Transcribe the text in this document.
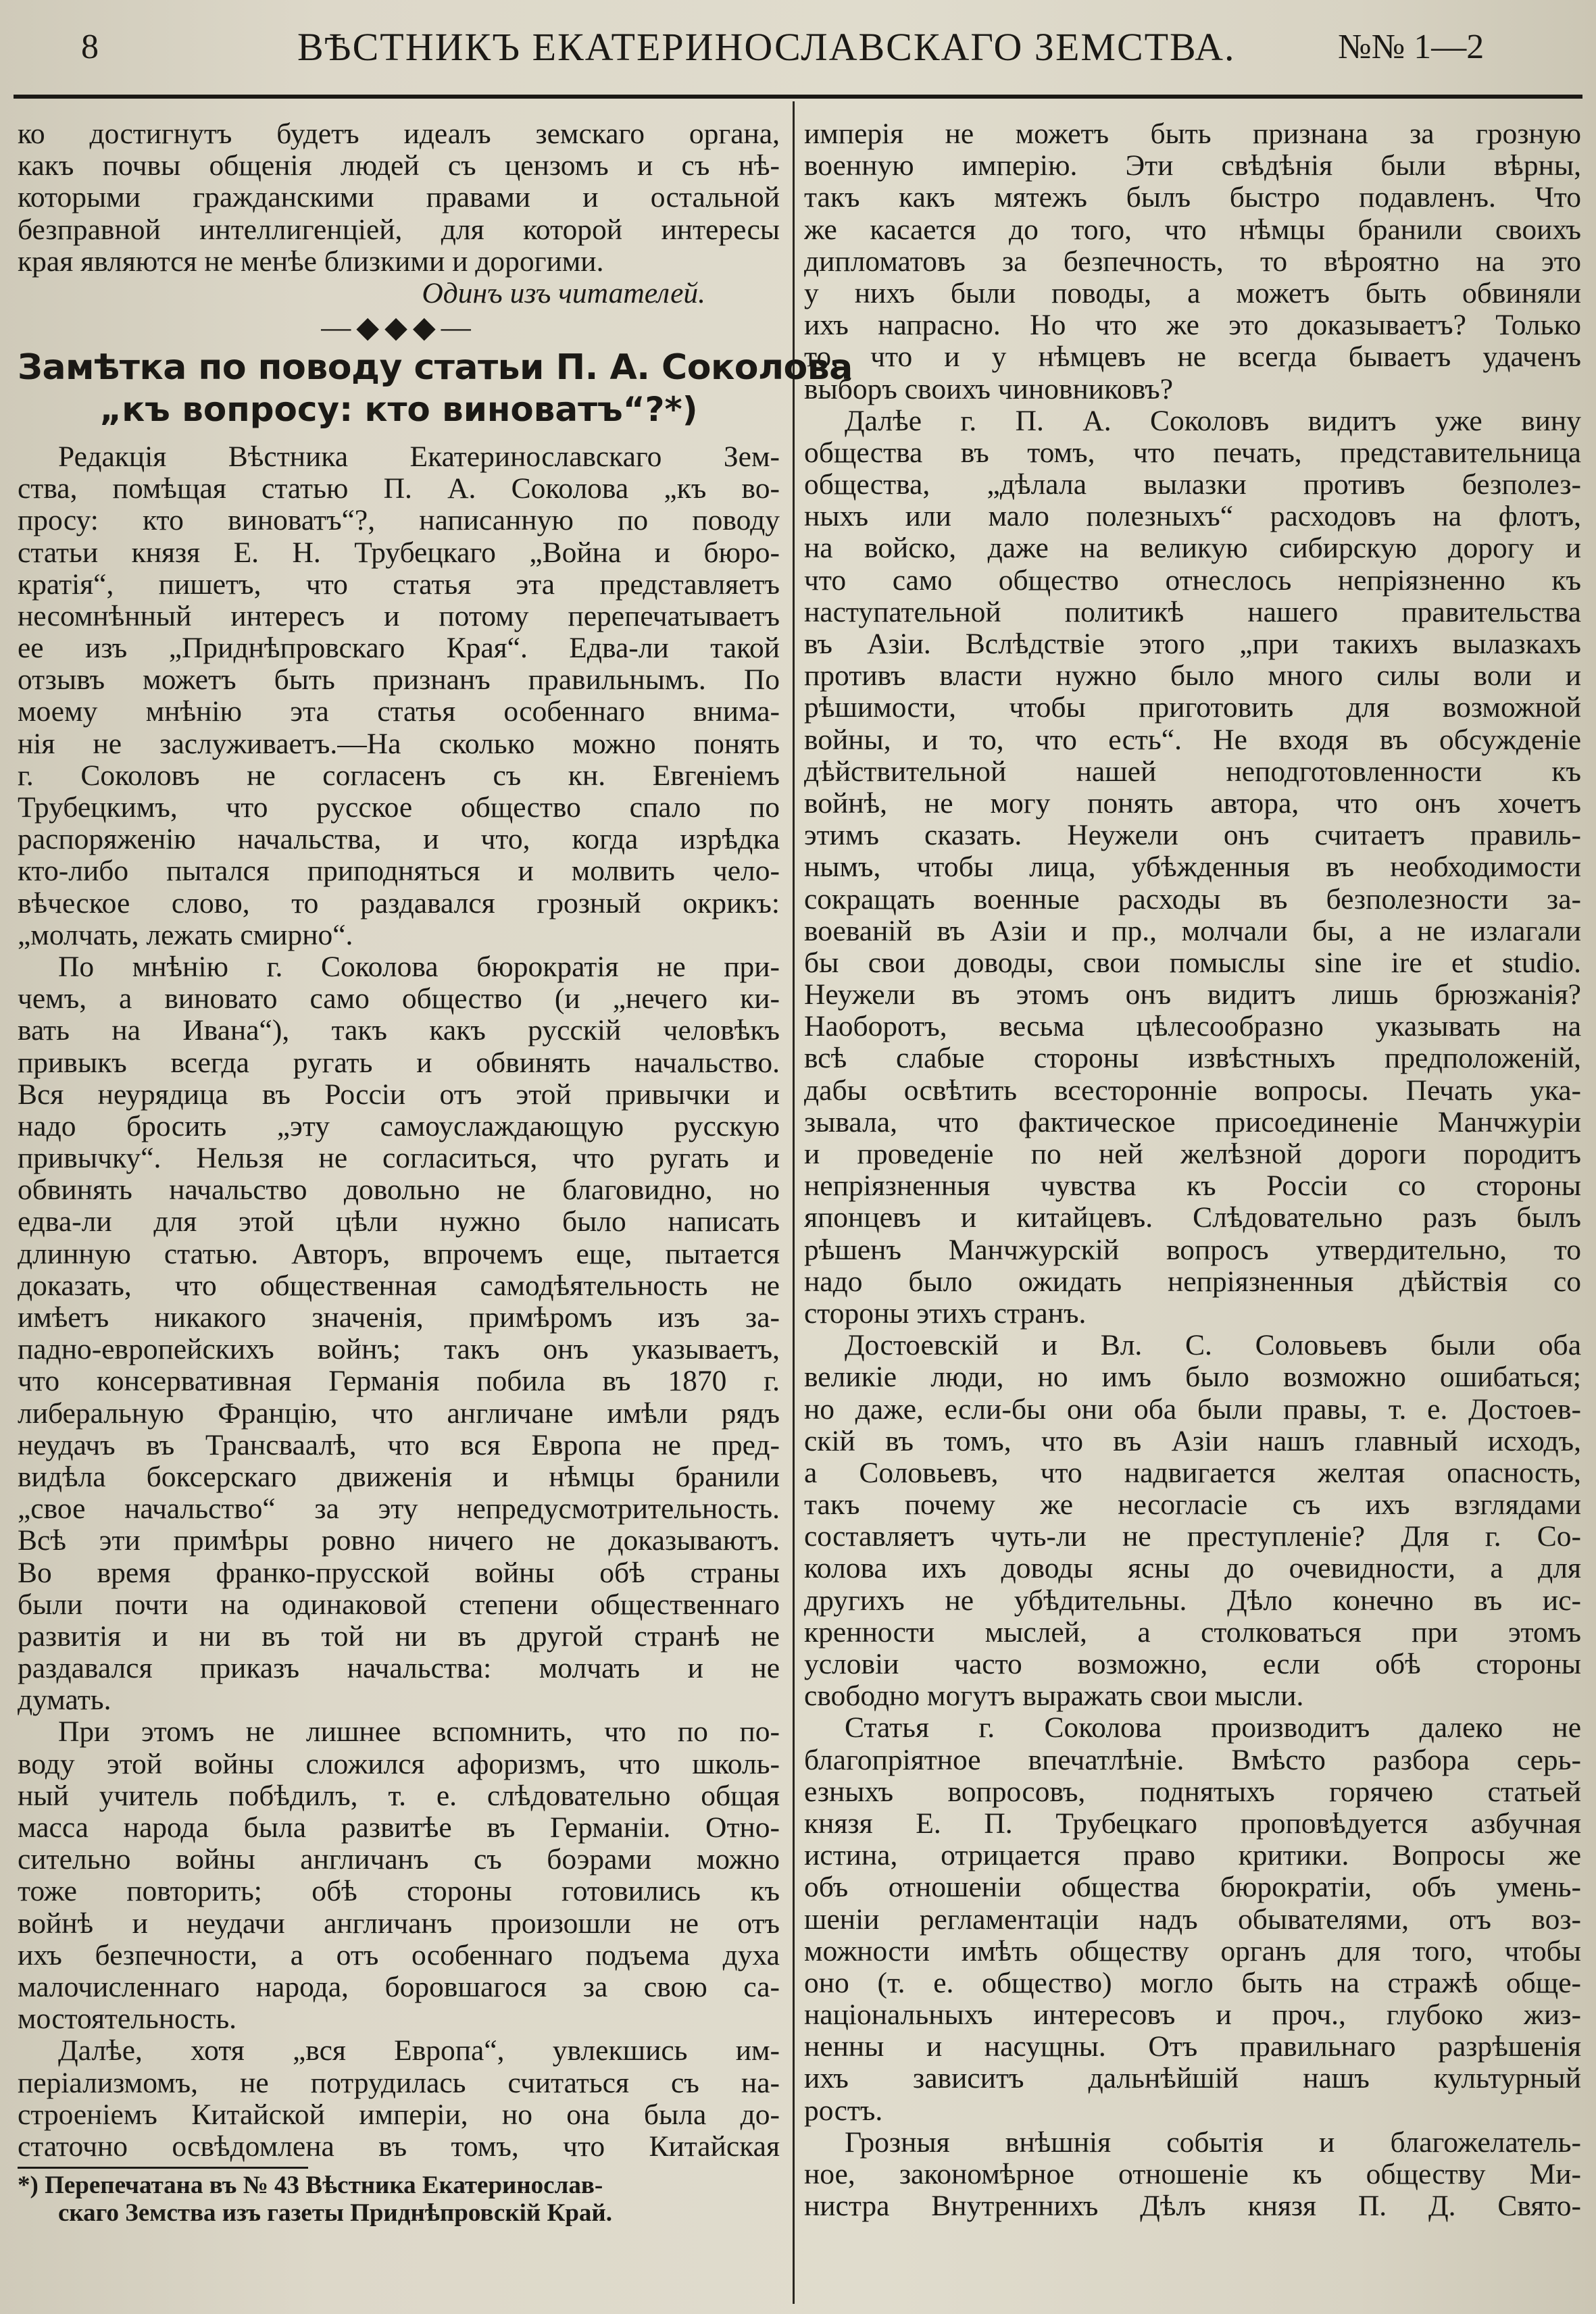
8	ВѢСТНИКЪ ЕКАТЕРИНОСЛАВСКАГО ЗЕМСТВА.	№№ 1—2
ко достигнутъ будетъ идеалъ земскаго органа,
какъ почвы общенія людей съ цензомъ и съ нѣ-
которыми гражданскими правами и остальной
безправной интеллигенціей, для которой интересы
края являются не менѣе близкими и дорогими.
Одинъ изъ читателей.
—◆◆◆—
Замѣтка по поводу статьи П. А. Соколова
„къ вопросу: кто виноватъ“?*)
Редакція Вѣстника Екатеринославскаго Зем-
ства, помѣщая статью П. А. Соколова „къ во-
просу: кто виноватъ“?, написанную по поводу
статьи князя Е. Н. Трубецкаго „Война и бюро-
кратія“, пишетъ, что статья эта представляетъ
несомнѣнный интересъ и потому перепечатываетъ
ее изъ „Приднѣпровскаго Края“. Едва-ли такой
отзывъ можетъ быть признанъ правильнымъ. По
моему мнѣнію эта статья особеннаго внима-
нія не заслуживаетъ.—На сколько можно понять
г. Соколовъ не согласенъ съ кн. Евгеніемъ
Трубецкимъ, что русское общество спало по
распоряженію начальства, и что, когда изрѣдка
кто-либо пытался приподняться и молвить чело-
вѣческое слово, то раздавался грозный окрикъ:
„молчать, лежать смирно“.
По мнѣнію г. Соколова бюрократія не при-
чемъ, а виновато само общество (и „нечего ки-
вать на Ивана“), такъ какъ русскій человѣкъ
привыкъ всегда ругать и обвинять начальство.
Вся неурядица въ Россіи отъ этой привычки и
надо бросить „эту самоуслаждающую русскую
привычку“. Нельзя не согласиться, что ругать и
обвинять начальство довольно не благовидно, но
едва-ли для этой цѣли нужно было написать
длинную статью. Авторъ, впрочемъ еще, пытается
доказать, что общественная самодѣятельность не
имѣетъ никакого значенія, примѣромъ изъ за-
падно-европейскихъ войнъ; такъ онъ указываетъ,
что консервативная Германія побила въ 1870 г.
либеральную Францію, что англичане имѣли рядъ
неудачъ въ Трансваалѣ, что вся Европа не пред-
видѣла боксерскаго движенія и нѣмцы бранили
„свое начальство“ за эту непредусмотрительность.
Всѣ эти примѣры ровно ничего не доказываютъ.
Во время франко-прусской войны обѣ страны
были почти на одинаковой степени общественнаго
развитія и ни въ той ни въ другой странѣ не
раздавался приказъ начальства: молчать и не
думать.
При этомъ не лишнее вспомнить, что по по-
воду этой войны сложился афоризмъ, что школь-
ный учитель побѣдилъ, т. е. слѣдовательно общая
масса народа была развитѣе въ Германіи. Отно-
сительно войны англичанъ съ боэрами можно
тоже повторить; обѣ стороны готовились къ
войнѣ и неудачи англичанъ произошли не отъ
ихъ безпечности, а отъ особеннаго подъема духа
малочисленнаго народа, боровшагося за свою са-
мостоятельность.
Далѣе, хотя „вся Европа“, увлекшись им-
періализмомъ, не потрудилась считаться съ на-
строеніемъ Китайской имперіи, но она была до-
статочно освѣдомлена въ томъ, что Китайская
*) Перепечатана въ № 43 Вѣстника Екатеринослав-
скаго Земства изъ газеты Приднѣпровскій Край.
имперія не можетъ быть признана за грозную
военную имперію. Эти свѣдѣнія были вѣрны,
такъ какъ мятежъ былъ быстро подавленъ. Что
же касается до того, что нѣмцы бранили своихъ
дипломатовъ за безпечность, то вѣроятно на это
у нихъ были поводы, а можетъ быть обвиняли
ихъ напрасно. Но что же это доказываетъ? Только
то, что и у нѣмцевъ не всегда бываетъ удаченъ
выборъ своихъ чиновниковъ?
Далѣе г. П. А. Соколовъ видитъ уже вину
общества въ томъ, что печать, представительница
общества, „дѣлала вылазки противъ безполез-
ныхъ или мало полезныхъ“ расходовъ на флотъ,
на войско, даже на великую сибирскую дорогу и
что само общество отнеслось непріязненно къ
наступательной политикѣ нашего правительства
въ Азіи. Вслѣдствіе этого „при такихъ вылазкахъ
противъ власти нужно было много силы воли и
рѣшимости, чтобы приготовить для возможной
войны, и то, что есть“. Не входя въ обсужденіе
дѣйствительной нашей неподготовленности къ
войнѣ, не могу понять автора, что онъ хочетъ
этимъ сказать. Неужели онъ считаетъ правиль-
нымъ, чтобы лица, убѣжденныя въ необходимости
сокращать военные расходы въ безполезности за-
воеваній въ Азіи и пр., молчали бы, а не излагали
бы свои доводы, свои помыслы sine ire et studio.
Неужели въ этомъ онъ видитъ лишь брюзжанія?
Наоборотъ, весьма цѣлесообразно указывать на
всѣ слабые стороны извѣстныхъ предположеній,
дабы освѣтить всесторонніе вопросы. Печать ука-
зывала, что фактическое присоединеніе Манчжуріи
и проведеніе по ней желѣзной дороги породитъ
непріязненныя чувства къ Россіи со стороны
японцевъ и китайцевъ. Слѣдовательно разъ былъ
рѣшенъ Манчжурскій вопросъ утвердительно, то
надо было ожидать непріязненныя дѣйствія со
стороны этихъ странъ.
Достоевскій и Вл. С. Соловьевъ были оба
великіе люди, но имъ было возможно ошибаться;
но даже, если-бы они оба были правы, т. е. Достоев-
скій въ томъ, что въ Азіи нашъ главный исходъ,
а Соловьевъ, что надвигается желтая опасность,
такъ почему же несогласіе съ ихъ взглядами
составляетъ чуть-ли не преступленіе? Для г. Со-
колова ихъ доводы ясны до очевидности, а для
другихъ не убѣдительны. Дѣло конечно въ ис-
кренности мыслей, а столковаться при этомъ
условіи часто возможно, если обѣ стороны
свободно могутъ выражать свои мысли.
Статья г. Соколова производитъ далеко не
благопріятное впечатлѣніе. Вмѣсто разбора серь-
езныхъ вопросовъ, поднятыхъ горячею статьей
князя Е. П. Трубецкаго проповѣдуется азбучная
истина, отрицается право критики. Вопросы же
объ отношеніи общества бюрократіи, объ умень-
шеніи регламентаціи надъ обывателями, отъ воз-
можности имѣть обществу органъ для того, чтобы
оно (т. е. общество) могло быть на стражѣ обще-
національныхъ интересовъ и проч., глубоко жиз-
ненны и насущны. Отъ правильнаго разрѣшенія
ихъ зависитъ дальнѣйшій нашъ культурный
ростъ.
Грозныя внѣшнія событія и благожелатель-
ное, закономѣрное отношеніе къ обществу Ми-
нистра Внутреннихъ Дѣлъ князя П. Д. Свято-
